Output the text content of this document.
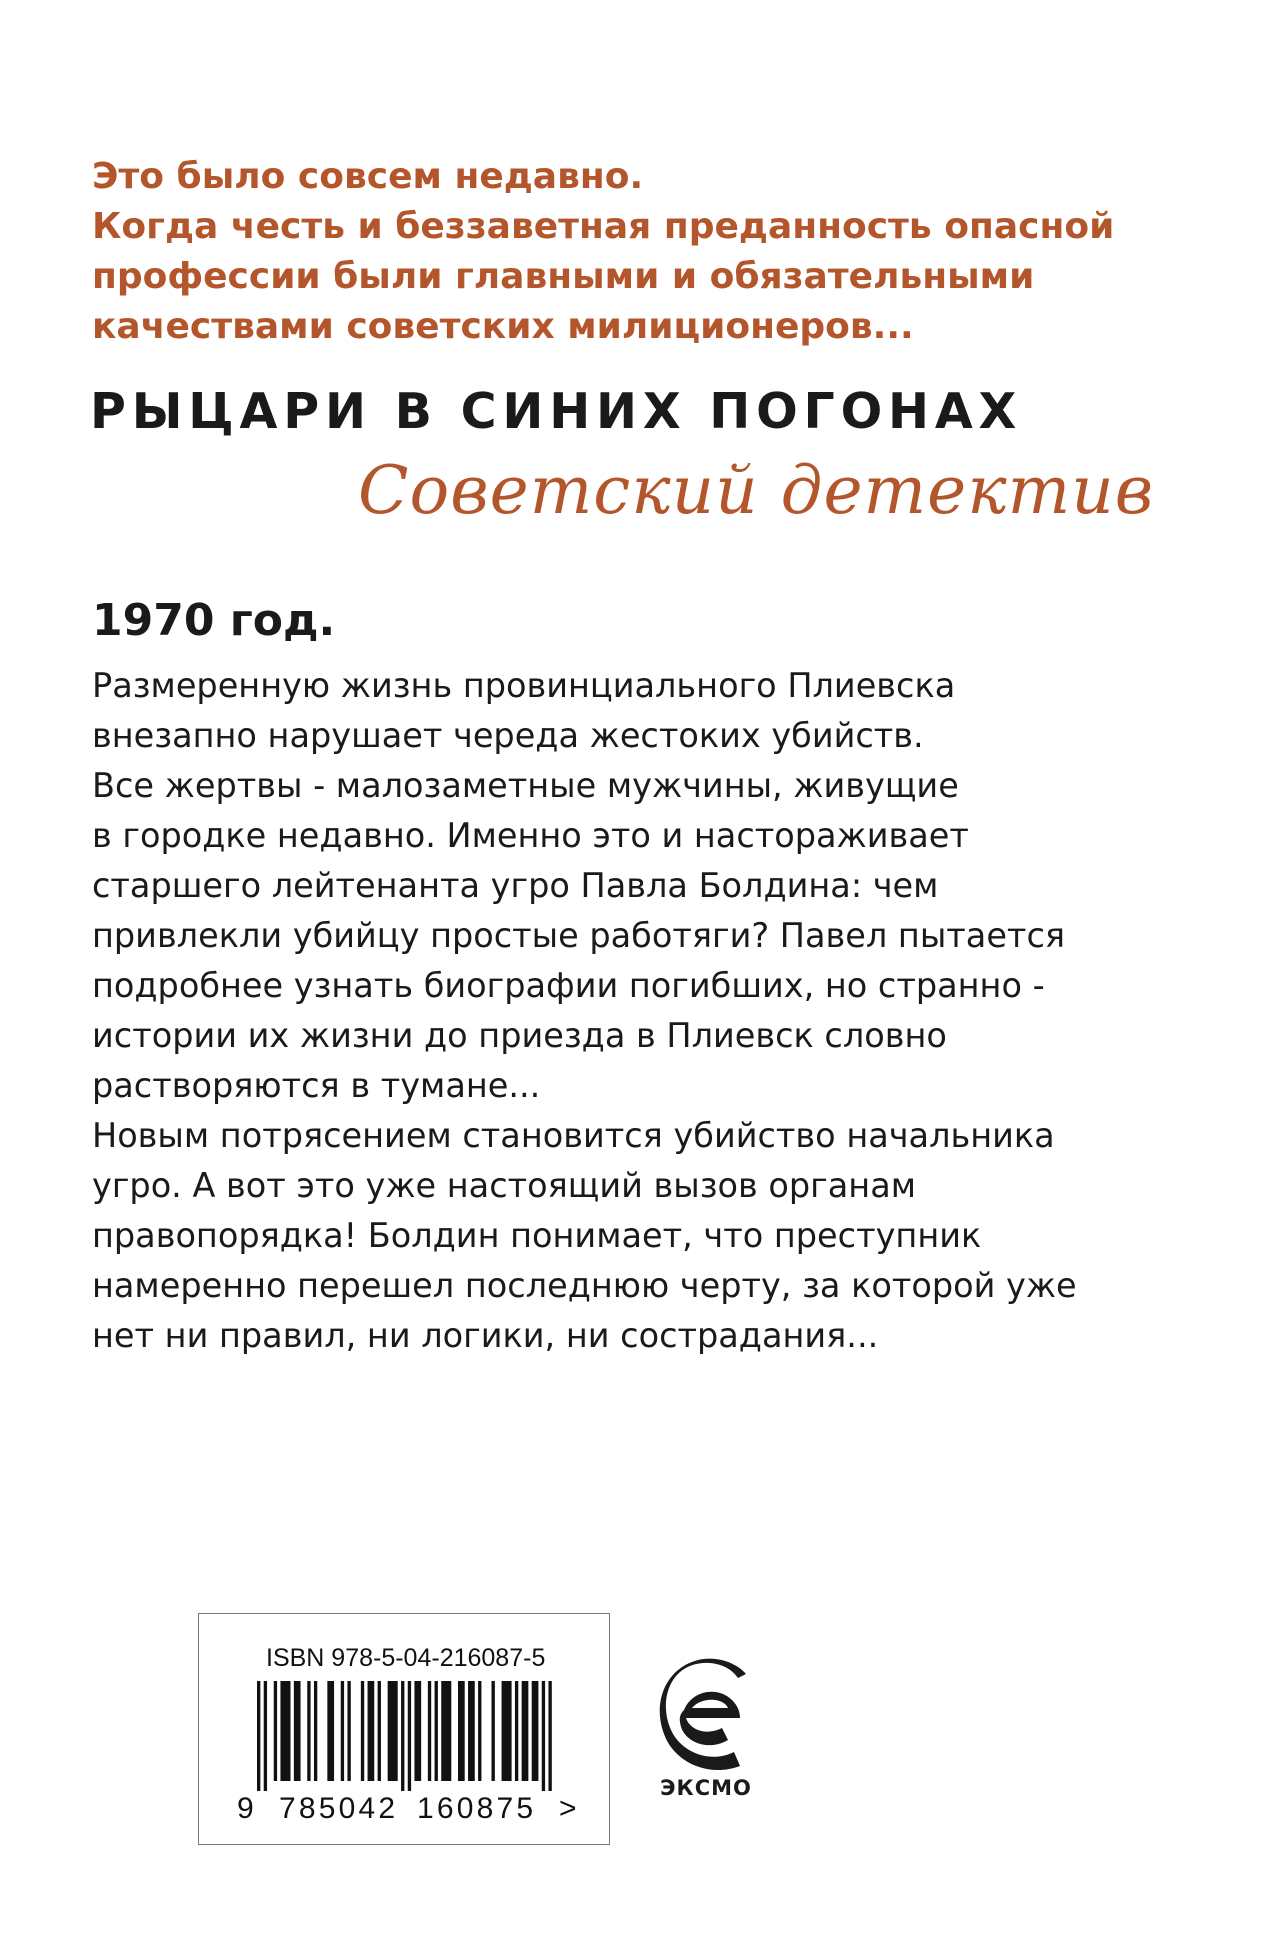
Это было совсем недавно.
Когда честь и беззаветная преданность опасной
профессии были главными и обязательными
качествами советских милиционеров...

РЫЦАРИ В СИНИХ ПОГОНАХ
Советский детектив
1970 год.
Размеренную жизнь провинциального Плиевска
внезапно нарушает череда жестоких убийств.
Все жертвы - малозаметные мужчины, живущие
в городке недавно. Именно это и настораживает
старшего лейтенанта угро Павла Болдина: чем
привлекли убийцу простые работяги? Павел пытается
подробнее узнать биографии погибших, но странно -
истории их жизни до приезда в Плиевск словно
растворяются в тумане...
Новым потрясением становится убийство начальника
угро. А вот это уже настоящий вызов органам
правопорядка! Болдин понимает, что преступник
намеренно перешел последнюю черту, за которой уже
нет ни правил, ни логики, ни сострадания...
ISBN 978-5-04-216087-5
9 785042 160875 >
ЭКСМО
